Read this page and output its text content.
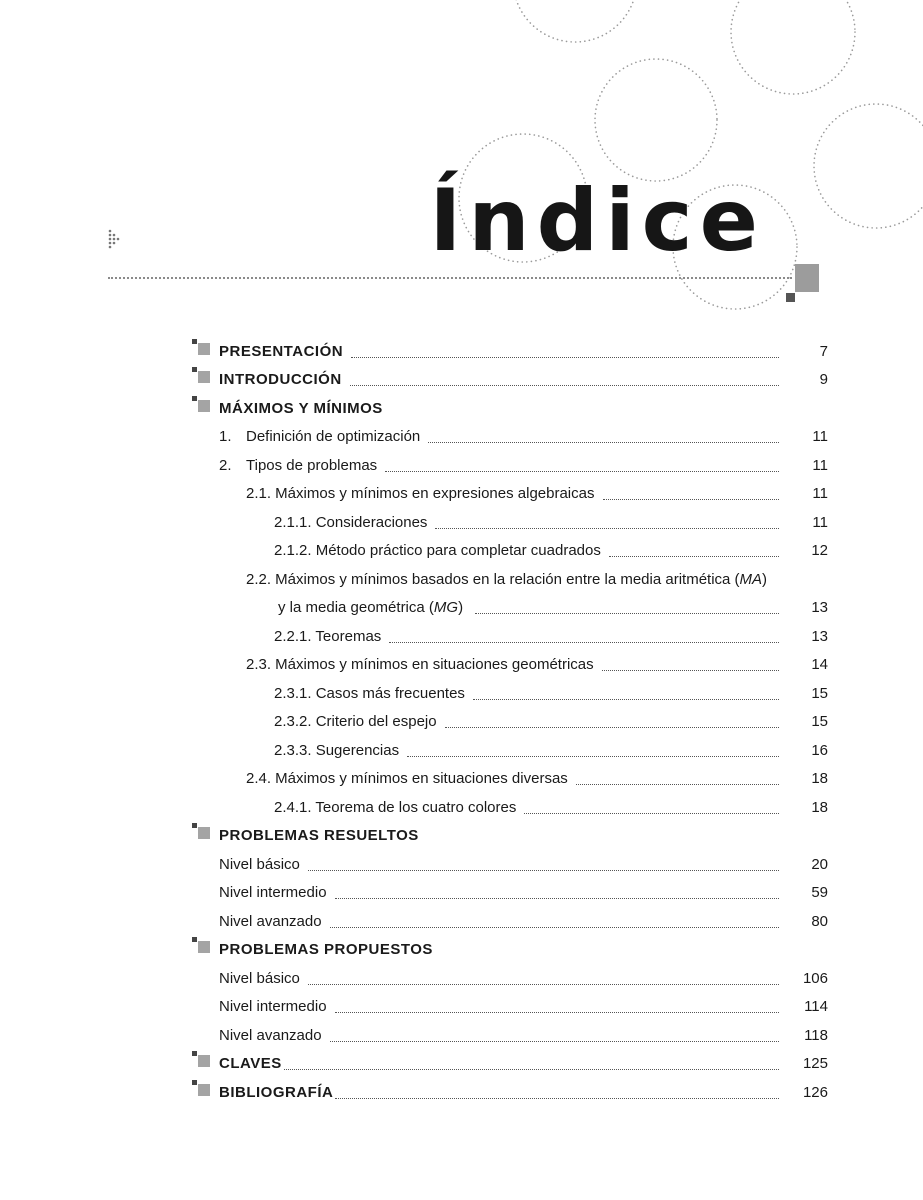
Índice
PRESENTACIÓN	7
INTRODUCCIÓN	9
MÁXIMOS Y MÍNIMOS
1. Definición de optimización	11
2. Tipos de problemas	11
2.1. Máximos y mínimos en expresiones algebraicas	11
2.1.1. Consideraciones	11
2.1.2. Método práctico para completar cuadrados	12
2.2. Máximos y mínimos basados en la relación entre la media aritmética (MA)
y la media geométrica (MG)	13
2.2.1. Teoremas	13
2.3. Máximos y mínimos en situaciones geométricas	14
2.3.1. Casos más frecuentes	15
2.3.2. Criterio del espejo	15
2.3.3. Sugerencias	16
2.4. Máximos y mínimos en situaciones diversas	18
2.4.1. Teorema de los cuatro colores	18
PROBLEMAS RESUELTOS
Nivel básico	20
Nivel intermedio	59
Nivel avanzado	80
PROBLEMAS PROPUESTOS
Nivel básico	106
Nivel intermedio	114
Nivel avanzado	118
CLAVES	125
BIBLIOGRAFÍA	126
